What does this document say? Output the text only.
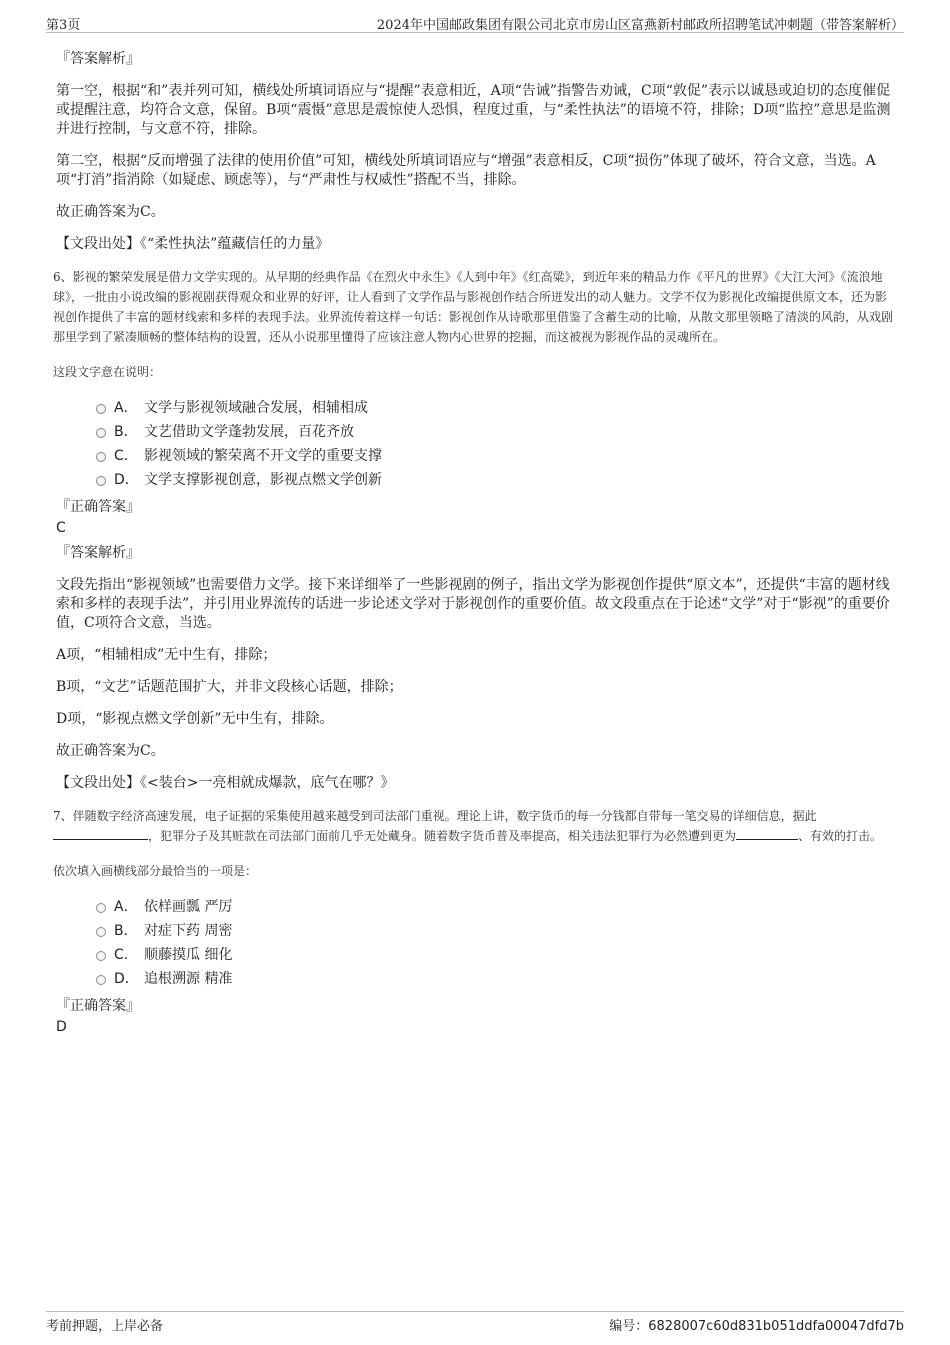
第3页	2024年中国邮政集团有限公司北京市房山区富燕新村邮政所招聘笔试冲刺题（带答案解析）
『答案解析』

第一空，根据“和”表并列可知，横线处所填词语应与“提醒”表意相近，A项“告诫”指警告劝诫，C项“敦促”表示以诚恳或迫切的态度催促或提醒注意，均符合文意，保留。B项“震慑”意思是震惊使人恐惧，程度过重，与“柔性执法”的语境不符，排除；D项“监控”意思是监测并进行控制，与文意不符，排除。

第二空，根据“反而增强了法律的使用价值”可知，横线处所填词语应与“增强”表意相反，C项“损伤”体现了破坏，符合文意，当选。A项“打消”指消除（如疑虑、顾虑等），与“严肃性与权威性”搭配不当，排除。

故正确答案为C。

【文段出处】《“柔性执法”蕴藏信任的力量》

6、影视的繁荣发展是借力文学实现的。从早期的经典作品《在烈火中永生》《人到中年》《红高粱》，到近年来的精品力作《平凡的世界》《大江大河》《流浪地球》，一批由小说改编的影视剧获得观众和业界的好评，让人看到了文学作品与影视创作结合所迸发出的动人魅力。文学不仅为影视化改编提供原文本，还为影视创作提供了丰富的题材线索和多样的表现手法。业界流传着这样一句话：影视创作从诗歌那里借鉴了含蓄生动的比喻，从散文那里领略了清淡的风韵，从戏剧那里学到了紧凑顺畅的整体结构的设置，还从小说那里懂得了应该注意人物内心世界的挖掘，而这被视为影视作品的灵魂所在。
这段文字意在说明：
A． 文学与影视领域融合发展，相辅相成
B． 文艺借助文学蓬勃发展，百花齐放
C． 影视领域的繁荣离不开文学的重要支撑
D． 文学支撑影视创意，影视点燃文学创新
『正确答案』
C
『答案解析』

文段先指出“影视领域”也需要借力文学。接下来详细举了一些影视剧的例子，指出文学为影视创作提供“原文本”，还提供“丰富的题材线索和多样的表现手法”，并引用业界流传的话进一步论述文学对于影视创作的重要价值。故文段重点在于论述“文学”对于“影视”的重要价值，C项符合文意，当选。

A项，“相辅相成”无中生有，排除；

B项，“文艺”话题范围扩大，并非文段核心话题，排除；

D项，“影视点燃文学创新”无中生有，排除。

故正确答案为C。

【文段出处】《<装台>一亮相就成爆款，底气在哪？》

7、伴随数字经济高速发展，电子证据的采集使用越来越受到司法部门重视。理论上讲，数字货币的每一分钱都自带每一笔交易的详细信息，据此，犯罪分子及其赃款在司法部门面前几乎无处藏身。随着数字货币普及率提高，相关违法犯罪行为必然遭到更为	、有效的打击。
依次填入画横线部分最恰当的一项是：
A． 依样画瓢 严厉
B． 对症下药 周密
C． 顺藤摸瓜 细化
D． 追根溯源 精准
『正确答案』
D
考前押题，上岸必备	编号：6828007c60d831b051ddfa00047dfd7b
